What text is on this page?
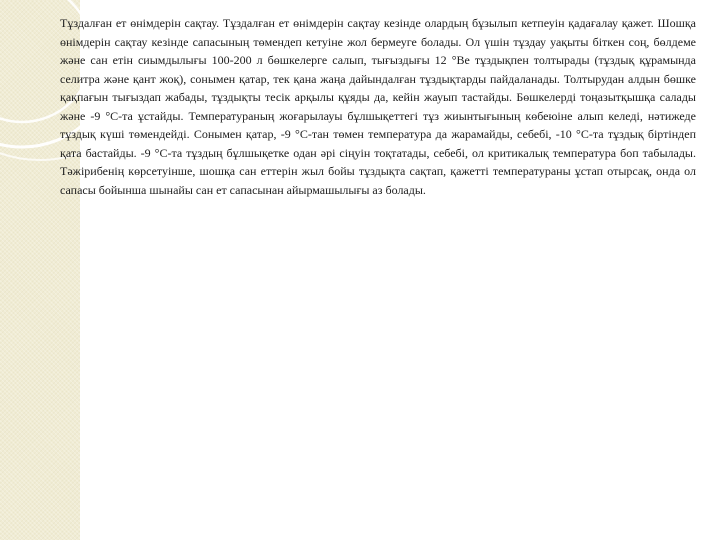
Тұздалған ет өнімдерін сақтау. Тұздалған ет өнімдерін сақтау кезінде олардың бұзылып кетпеуін қадағалау қажет. Шошқа өнімдерін сақтау кезінде сапасының төмендеп кетуіне жол бермеуге болады. Ол үшін тұздау уақыты біткен соң, бөлдеме және сан етін сиымдылығы 100-200 л бөшкелерге салып, тығыздығы 12 °Ве тұздықпен толтырады (тұздық құрамында селитра және қант жоқ), сонымен қатар, тек қана жаңа дайындалған тұздықтарды пайдаланады. Толтырудан алдын бөшке қақпағын тығыздап жабады, тұздықты тесік арқылы құяды да, кейін жауып тастайды. Бөшкелерді тоңазытқышқа салады және -9 °С-та ұстайды. Температураның жоғарылауы бұлшықеттегі тұз жиынтығының көбеюіне алып келеді, нәтижеде тұздық күші төмендейді. Сонымен қатар, -9 °С-тан төмен температура да жарамайды, себебі, -10 °С-та тұздық біртіндеп қата бастайды. -9 °С-та тұздың бұлшықетке одан әрі сіңуін тоқтатады, себебі, ол критикалық температура боп табылады. Тәжірибенің көрсетуінше, шошқа сан еттерін жыл бойы тұздықта сақтап, қажетті температураны ұстап отырсақ, онда ол сапасы бойынша шынайы сан ет сапасынан айырмашылығы аз болады.
